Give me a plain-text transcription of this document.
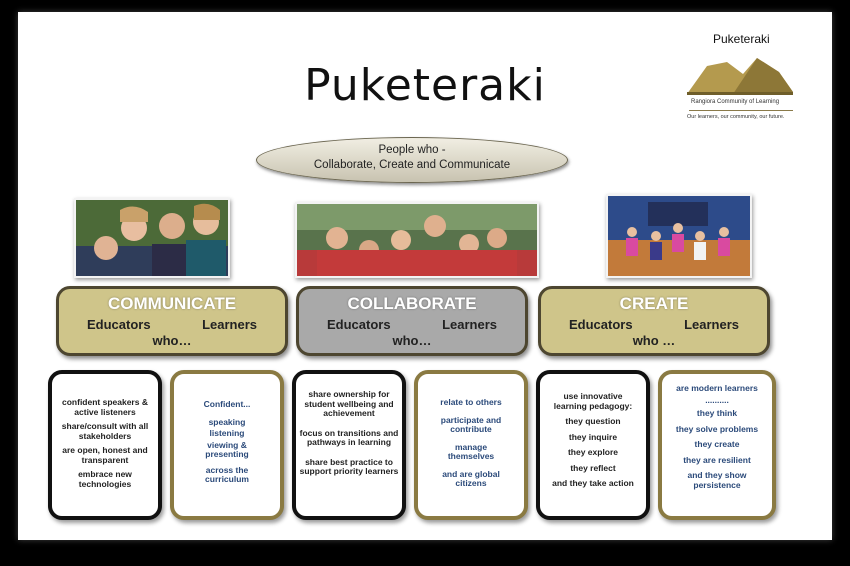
Puketeraki
Puketeraki
Rangiora Community of Learning
Our learners, our community, our future.
People who -
Collaborate, Create and Communicate
COMMUNICATE
Educators	Learners
who…
COLLABORATE
Educators	Learners
who…
CREATE
Educators	Learners
who …
confident speakers & active listeners
share/consult with all stakeholders
are open, honest and transparent
embrace new technologies
Confident...
speaking
listening
viewing & presenting
across the curriculum
share ownership for student wellbeing and achievement
focus on transitions and pathways in learning
share best practice to support priority learners
relate to others
participate and contribute
manage themselves
and are global citizens
use innovative learning pedagogy:
they question
they inquire
they explore
they reflect
and they take action
are modern learners
..........
they think
they solve problems
they create
they are resilient
and they show persistence
